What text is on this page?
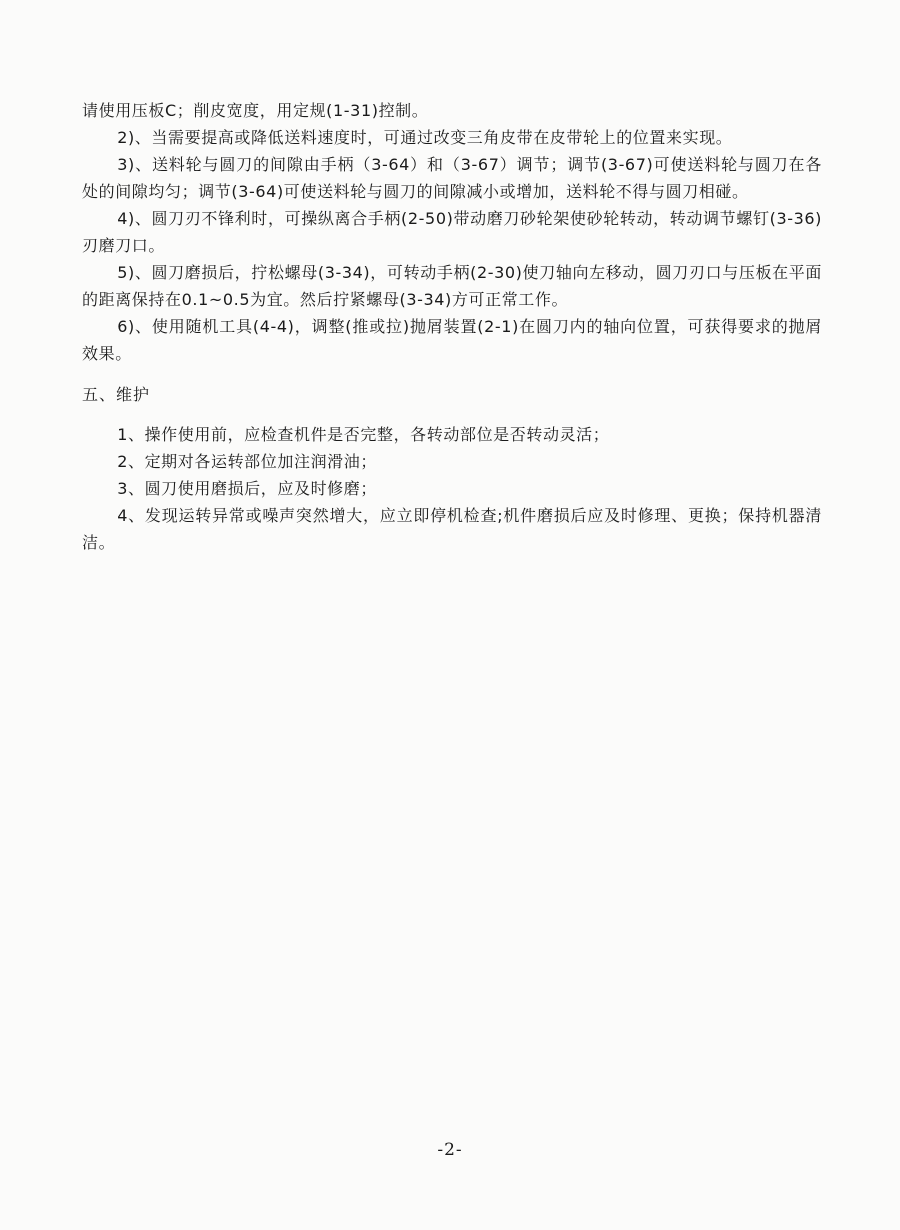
请使用压板C；削皮宽度，用定规(1-31)控制。

2)、当需要提高或降低送料速度时，可通过改变三角皮带在皮带轮上的位置来实现。

3)、送料轮与圆刀的间隙由手柄（3-64）和（3-67）调节；调节(3-67)可使送料轮与圆刀在各处的间隙均匀；调节(3-64)可使送料轮与圆刀的间隙减小或增加，送料轮不得与圆刀相碰。

4)、圆刀刃不锋利时，可操纵离合手柄(2-50)带动磨刀砂轮架使砂轮转动，转动调节螺钉(3-36)刃磨刀口。

5)、圆刀磨损后，拧松螺母(3-34)，可转动手柄(2-30)使刀轴向左移动，圆刀刃口与压板在平面的距离保持在0.1~0.5为宜。然后拧紧螺母(3-34)方可正常工作。

6)、使用随机工具(4-4)，调整(推或拉)抛屑装置(2-1)在圆刀内的轴向位置，可获得要求的抛屑效果。

五、维护

1、操作使用前，应检查机件是否完整，各转动部位是否转动灵活；

2、定期对各运转部位加注润滑油；

3、圆刀使用磨损后，应及时修磨；

4、发现运转异常或噪声突然增大，应立即停机检查;机件磨损后应及时修理、更换；保持机器清洁。

-2-
